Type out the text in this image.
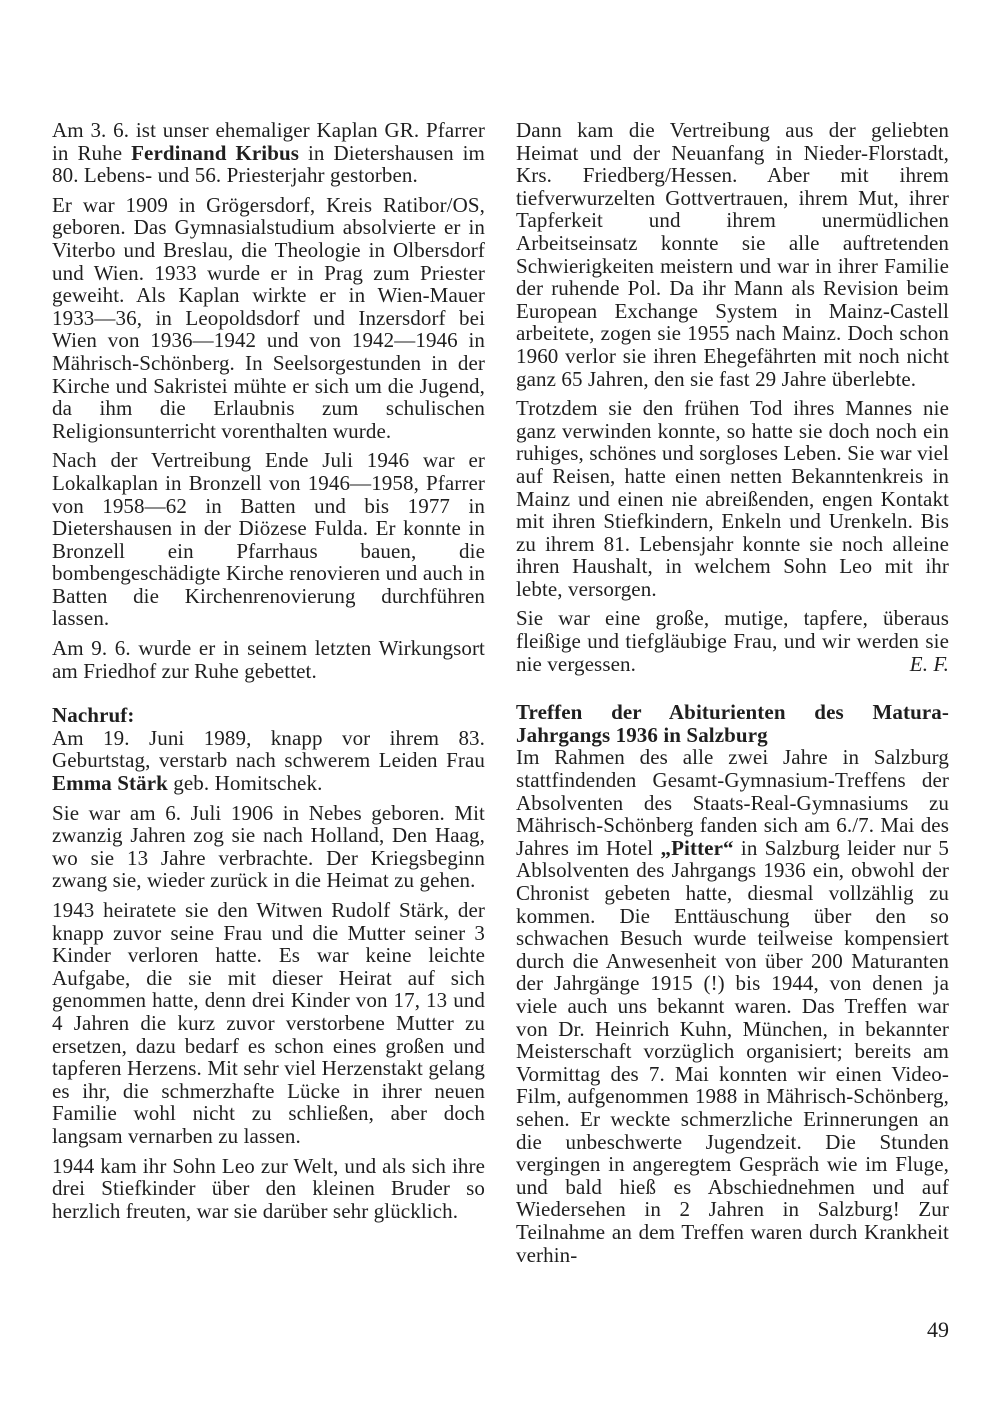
Am 3. 6. ist unser ehemaliger Kaplan GR. Pfarrer in Ruhe Ferdinand Kribus in Dietershausen im 80. Lebens- und 56. Priesterjahr gestorben.

Er war 1909 in Grögersdorf, Kreis Ratibor/OS, geboren. Das Gymnasialstudium absolvierte er in Viterbo und Breslau, die Theologie in Olbersdorf und Wien. 1933 wurde er in Prag zum Priester geweiht. Als Kaplan wirkte er in Wien-Mauer 1933—36, in Leopoldsdorf und Inzersdorf bei Wien von 1936—1942 und von 1942—1946 in Mährisch-Schönberg. In Seelsorgestunden in der Kirche und Sakristei mühte er sich um die Jugend, da ihm die Erlaubnis zum schulischen Religionsunterricht vorenthalten wurde.

Nach der Vertreibung Ende Juli 1946 war er Lokalkaplan in Bronzell von 1946—1958, Pfarrer von 1958—62 in Batten und bis 1977 in Dietershausen in der Diözese Fulda. Er konnte in Bronzell ein Pfarrhaus bauen, die bombengeschädigte Kirche renovieren und auch in Batten die Kirchenrenovierung durchführen lassen.

Am 9. 6. wurde er in seinem letzten Wirkungsort am Friedhof zur Ruhe gebettet.

Nachruf:

Am 19. Juni 1989, knapp vor ihrem 83. Geburtstag, verstarb nach schwerem Leiden Frau Emma Stärk geb. Homitschek.

Sie war am 6. Juli 1906 in Nebes geboren. Mit zwanzig Jahren zog sie nach Holland, Den Haag, wo sie 13 Jahre verbrachte. Der Kriegsbeginn zwang sie, wieder zurück in die Heimat zu gehen.

1943 heiratete sie den Witwen Rudolf Stärk, der knapp zuvor seine Frau und die Mutter seiner 3 Kinder verloren hatte. Es war keine leichte Aufgabe, die sie mit dieser Heirat auf sich genommen hatte, denn drei Kinder von 17, 13 und 4 Jahren die kurz zuvor verstorbene Mutter zu ersetzen, dazu bedarf es schon eines großen und tapferen Herzens. Mit sehr viel Herzenstakt gelang es ihr, die schmerzhafte Lücke in ihrer neuen Familie wohl nicht zu schließen, aber doch langsam vernarben zu lassen.

1944 kam ihr Sohn Leo zur Welt, und als sich ihre drei Stiefkinder über den kleinen Bruder so herzlich freuten, war sie darüber sehr glücklich.

Dann kam die Vertreibung aus der geliebten Heimat und der Neuanfang in Nieder-Florstadt, Krs. Friedberg/Hessen. Aber mit ihrem tiefverwurzelten Gottvertrauen, ihrem Mut, ihrer Tapferkeit und ihrem unermüdlichen Arbeitseinsatz konnte sie alle auftretenden Schwierigkeiten meistern und war in ihrer Familie der ruhende Pol. Da ihr Mann als Revision beim European Exchange System in Mainz-Castell arbeitete, zogen sie 1955 nach Mainz. Doch schon 1960 verlor sie ihren Ehegefährten mit noch nicht ganz 65 Jahren, den sie fast 29 Jahre überlebte.

Trotzdem sie den frühen Tod ihres Mannes nie ganz verwinden konnte, so hatte sie doch noch ein ruhiges, schönes und sorgloses Leben. Sie war viel auf Reisen, hatte einen netten Bekanntenkreis in Mainz und einen nie abreißenden, engen Kontakt mit ihren Stiefkindern, Enkeln und Urenkeln. Bis zu ihrem 81. Lebensjahr konnte sie noch alleine ihren Haushalt, in welchem Sohn Leo mit ihr lebte, versorgen.

Sie war eine große, mutige, tapfere, überaus fleißige und tiefgläubige Frau, und wir werden sie nie vergessen.	E. F.

Treffen der Abiturienten des Matura-Jahrgangs 1936 in Salzburg

Im Rahmen des alle zwei Jahre in Salzburg stattfindenden Gesamt-Gymnasium-Treffens der Absolventen des Staats-Real-Gymnasiums zu Mährisch-Schönberg fanden sich am 6./7. Mai des Jahres im Hotel „Pitter“ in Salzburg leider nur 5 Ablsolventen des Jahrgangs 1936 ein, obwohl der Chronist gebeten hatte, diesmal vollzählig zu kommen. Die Enttäuschung über den so schwachen Besuch wurde teilweise kompensiert durch die Anwesenheit von über 200 Maturanten der Jahrgänge 1915 (!) bis 1944, von denen ja viele auch uns bekannt waren. Das Treffen war von Dr. Heinrich Kuhn, München, in bekannter Meisterschaft vorzüglich organisiert; bereits am Vormittag des 7. Mai konnten wir einen Video-Film, aufgenommen 1988 in Mährisch-Schönberg, sehen. Er weckte schmerzliche Erinnerungen an die unbeschwerte Jugendzeit. Die Stunden vergingen in angeregtem Gespräch wie im Fluge, und bald hieß es Abschiednehmen und auf Wiedersehen in 2 Jahren in Salzburg! Zur Teilnahme an dem Treffen waren durch Krankheit verhin-

49
